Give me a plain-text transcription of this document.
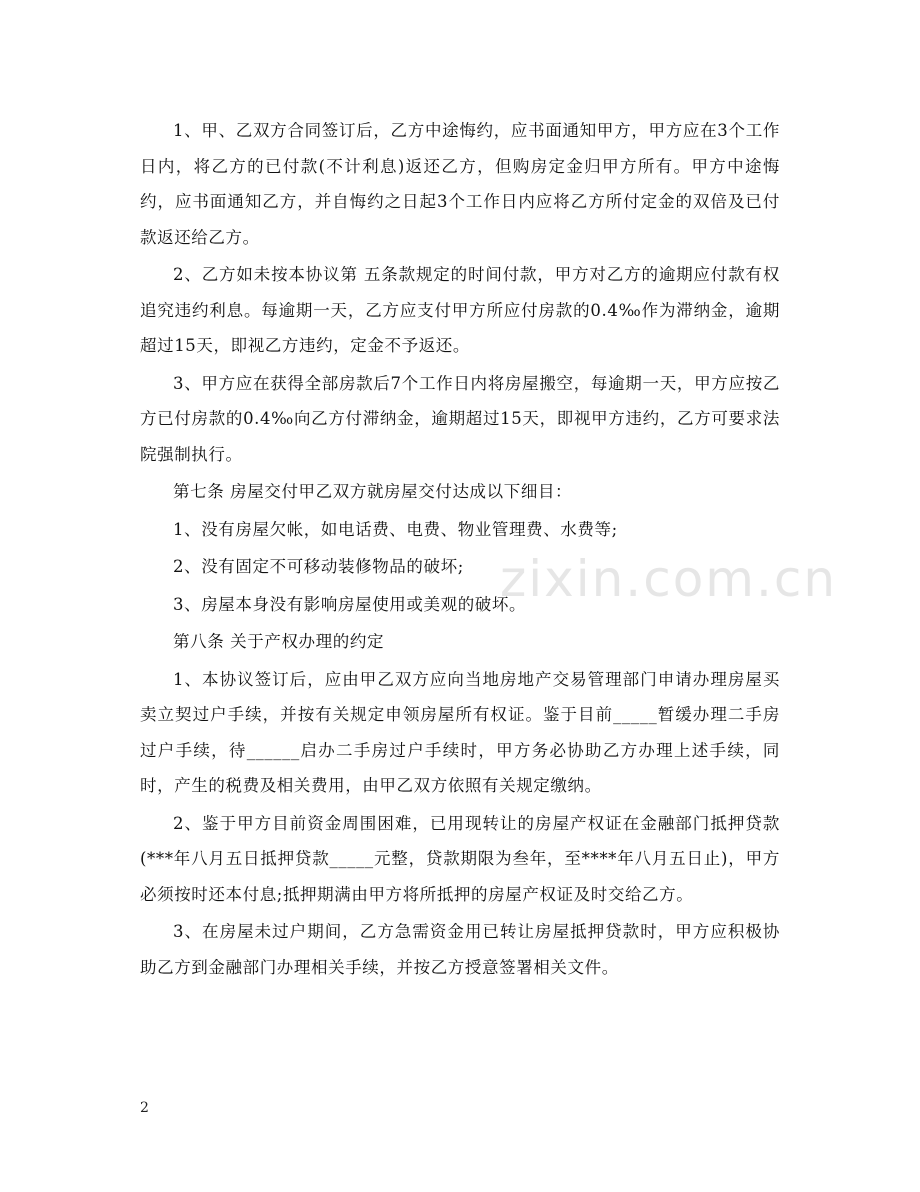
1、甲、乙双方合同签订后，乙方中途悔约，应书面通知甲方，甲方应在3个工作日内，将乙方的已付款(不计利息)返还乙方，但购房定金归甲方所有。甲方中途悔约，应书面通知乙方，并自悔约之日起3个工作日内应将乙方所付定金的双倍及已付款返还给乙方。

2、乙方如未按本协议第 五条款规定的时间付款，甲方对乙方的逾期应付款有权追究违约利息。每逾期一天，乙方应支付甲方所应付房款的0.4‰作为滞纳金，逾期超过15天，即视乙方违约，定金不予返还。

3、甲方应在获得全部房款后7个工作日内将房屋搬空，每逾期一天，甲方应按乙方已付房款的0.4‰向乙方付滞纳金，逾期超过15天，即视甲方违约，乙方可要求法院强制执行。

第七条 房屋交付甲乙双方就房屋交付达成以下细目：

1、没有房屋欠帐，如电话费、电费、物业管理费、水费等;

2、没有固定不可移动装修物品的破坏;

3、房屋本身没有影响房屋使用或美观的破坏。

第八条 关于产权办理的约定

1、本协议签订后，应由甲乙双方应向当地房地产交易管理部门申请办理房屋买卖立契过户手续，并按有关规定申领房屋所有权证。鉴于目前_____暂缓办理二手房过户手续，待______启办二手房过户手续时，甲方务必协助乙方办理上述手续，同时，产生的税费及相关费用，由甲乙双方依照有关规定缴纳。

2、鉴于甲方目前资金周围困难，已用现转让的房屋产权证在金融部门抵押贷款(***年八月五日抵押贷款_____元整，贷款期限为叁年，至****年八月五日止)，甲方必须按时还本付息;抵押期满由甲方将所抵押的房屋产权证及时交给乙方。

3、在房屋未过户期间，乙方急需资金用已转让房屋抵押贷款时，甲方应积极协助乙方到金融部门办理相关手续，并按乙方授意签署相关文件。

zixin.com.cn
2
